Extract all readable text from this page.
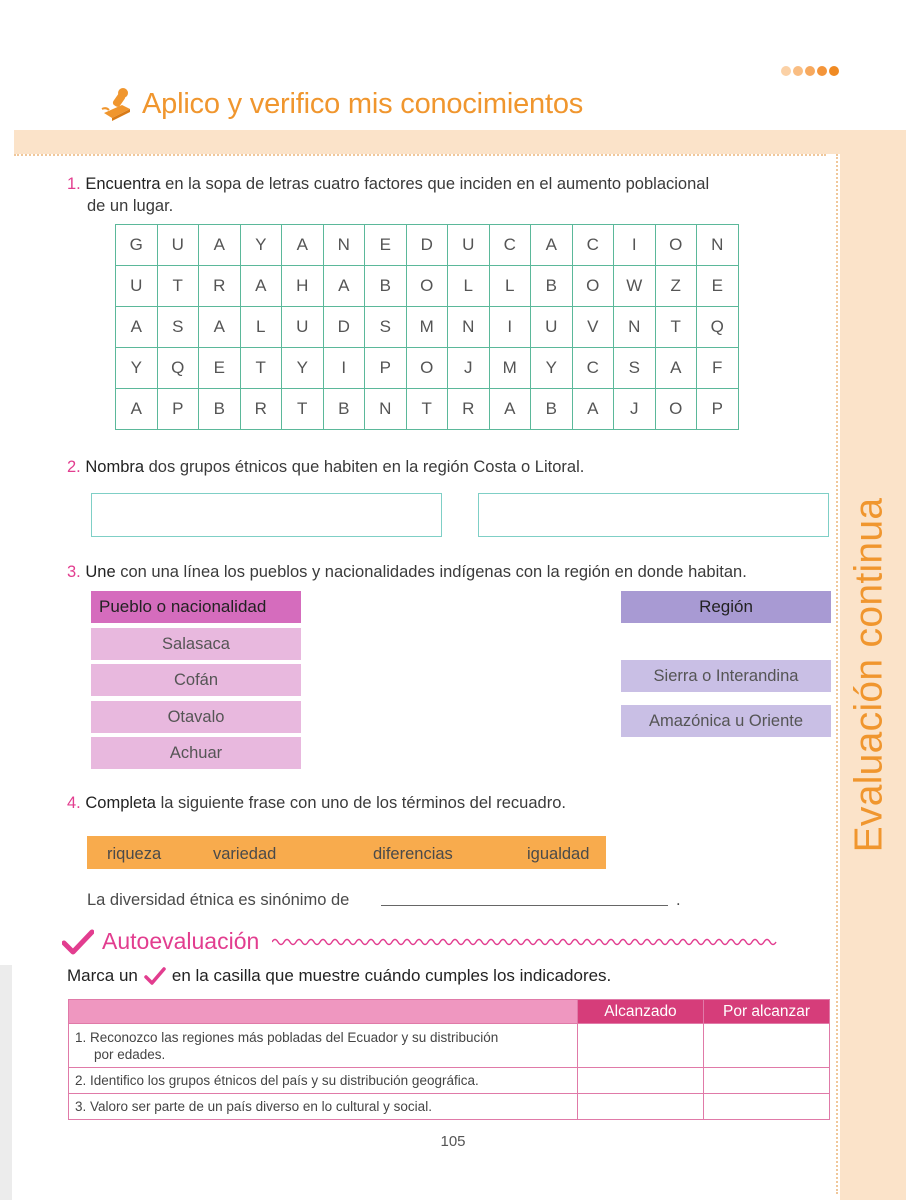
Aplico y verifico mis conocimientos
Evaluación continua
1. Encuentra en la sopa de letras cuatro factores que inciden en el aumento poblacional
de un lugar.
G	U	A	Y	A	N	E	D	U	C	A	C	I	O	N
U	T	R	A	H	A	B	O	L	L	B	O	W	Z	E
A	S	A	L	U	D	S	M	N	I	U	V	N	T	Q
Y	Q	E	T	Y	I	P	O	J	M	Y	C	S	A	F
A	P	B	R	T	B	N	T	R	A	B	A	J	O	P
2. Nombra dos grupos étnicos que habiten en la región Costa o Litoral.
3. Une con una línea los pueblos y nacionalidades indígenas con la región en donde habitan.
Pueblo o nacionalidad
Salasaca
Cofán
Otavalo
Achuar
Región
Sierra o Interandina
Amazónica u Oriente
4. Completa la siguiente frase con uno de los términos del recuadro.
riqueza	variedad	diferencias	igualdad
La diversidad étnica es sinónimo de	.
Autoevaluación
Marca un en la casilla que muestre cuándo cumples los indicadores.
	Alcanzado	Por alcanzar
1. Reconozco las regiones más pobladas del Ecuador y su distribución
por edades.		

2. Identifico los grupos étnicos del país y su distribución geográfica.		
3. Valoro ser parte de un país diverso en lo cultural y social.		
105
